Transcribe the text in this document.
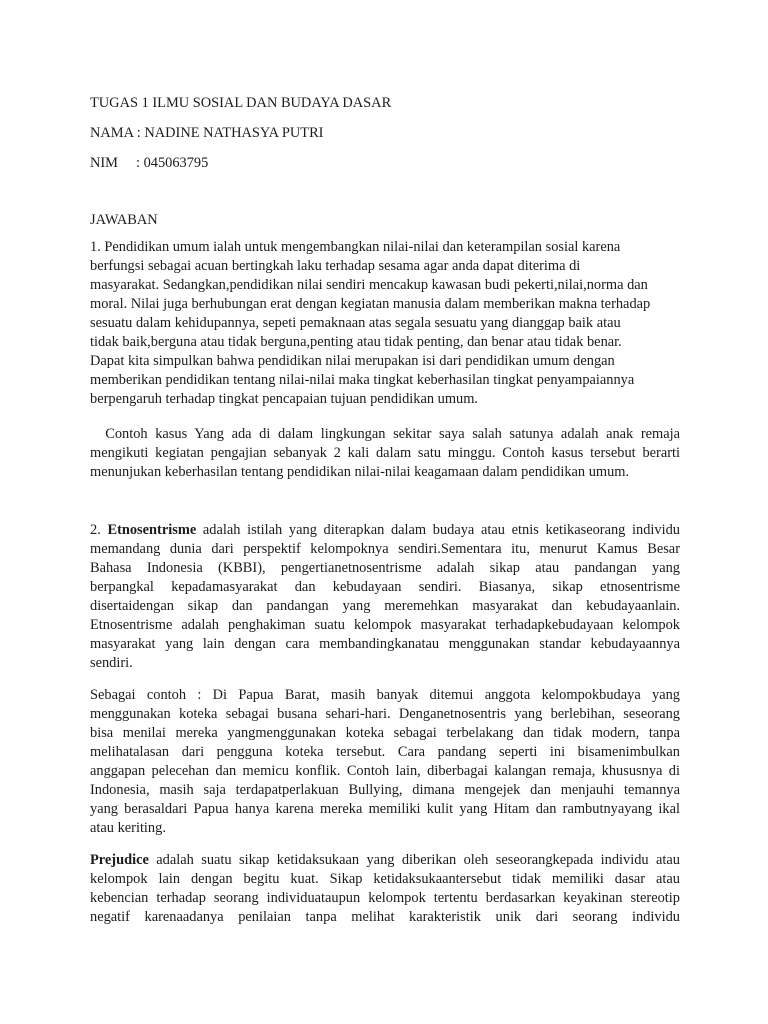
TUGAS 1 ILMU SOSIAL DAN BUDAYA DASAR
NAMA : NADINE NATHASYA PUTRI
NIM     : 045063795
JAWABAN
1. Pendidikan umum ialah untuk mengembangkan nilai-nilai dan keterampilan sosial karena
berfungsi sebagai acuan bertingkah laku terhadap sesama agar anda dapat diterima di
masyarakat. Sedangkan,pendidikan nilai sendiri mencakup kawasan budi pekerti,nilai,norma dan
moral. Nilai juga berhubungan erat dengan kegiatan manusia dalam memberikan makna terhadap
sesuatu dalam kehidupannya, sepeti pemaknaan atas segala sesuatu yang dianggap baik atau
tidak baik,berguna atau tidak berguna,penting atau tidak penting, dan benar atau tidak benar.
Dapat kita simpulkan bahwa pendidikan nilai merupakan isi dari pendidikan umum dengan
memberikan pendidikan tentang nilai-nilai maka tingkat keberhasilan tingkat penyampaiannya
berpengaruh terhadap tingkat pencapaian tujuan pendidikan umum.
Contoh kasus Yang ada di dalam lingkungan sekitar saya salah satunya adalah anak remaja
mengikuti kegiatan pengajian sebanyak 2 kali dalam satu minggu. Contoh kasus tersebut berarti
menunjukan keberhasilan tentang pendidikan nilai-nilai keagamaan dalam pendidikan umum.
2. Etnosentrisme adalah istilah yang diterapkan dalam budaya atau etnis ketikaseorang individu
memandang dunia dari perspektif kelompoknya sendiri.Sementara itu, menurut Kamus Besar
Bahasa Indonesia (KBBI), pengertianetnosentrisme adalah sikap atau pandangan yang
berpangkal kepadamasyarakat dan kebudayaan sendiri. Biasanya, sikap etnosentrisme
disertaidengan sikap dan pandangan yang meremehkan masyarakat dan kebudayaanlain.
Etnosentrisme adalah penghakiman suatu kelompok masyarakat terhadapkebudayaan kelompok
masyarakat yang lain dengan cara membandingkanatau menggunakan standar kebudayaannya
sendiri.
Sebagai contoh : Di Papua Barat, masih banyak ditemui anggota kelompokbudaya yang
menggunakan koteka sebagai busana sehari-hari. Denganetnosentris yang berlebihan, seseorang
bisa menilai mereka yangmenggunakan koteka sebagai terbelakang dan tidak modern, tanpa
melihatalasan dari pengguna koteka tersebut. Cara pandang seperti ini bisamenimbulkan
anggapan pelecehan dan memicu konflik. Contoh lain, diberbagai kalangan remaja, khususnya di
Indonesia, masih saja terdapatperlakuan Bullying, dimana mengejek dan menjauhi temannya
yang berasaldari Papua hanya karena mereka memiliki kulit yang Hitam dan rambutnyayang ikal
atau keriting.
Prejudice adalah suatu sikap ketidaksukaan yang diberikan oleh seseorangkepada individu atau
kelompok lain dengan begitu kuat. Sikap ketidaksukaantersebut tidak memiliki dasar atau
kebencian terhadap seorang individuataupun kelompok tertentu berdasarkan keyakinan stereotip
negatif karenaadanya penilaian tanpa melihat karakteristik unik dari seorang individu
